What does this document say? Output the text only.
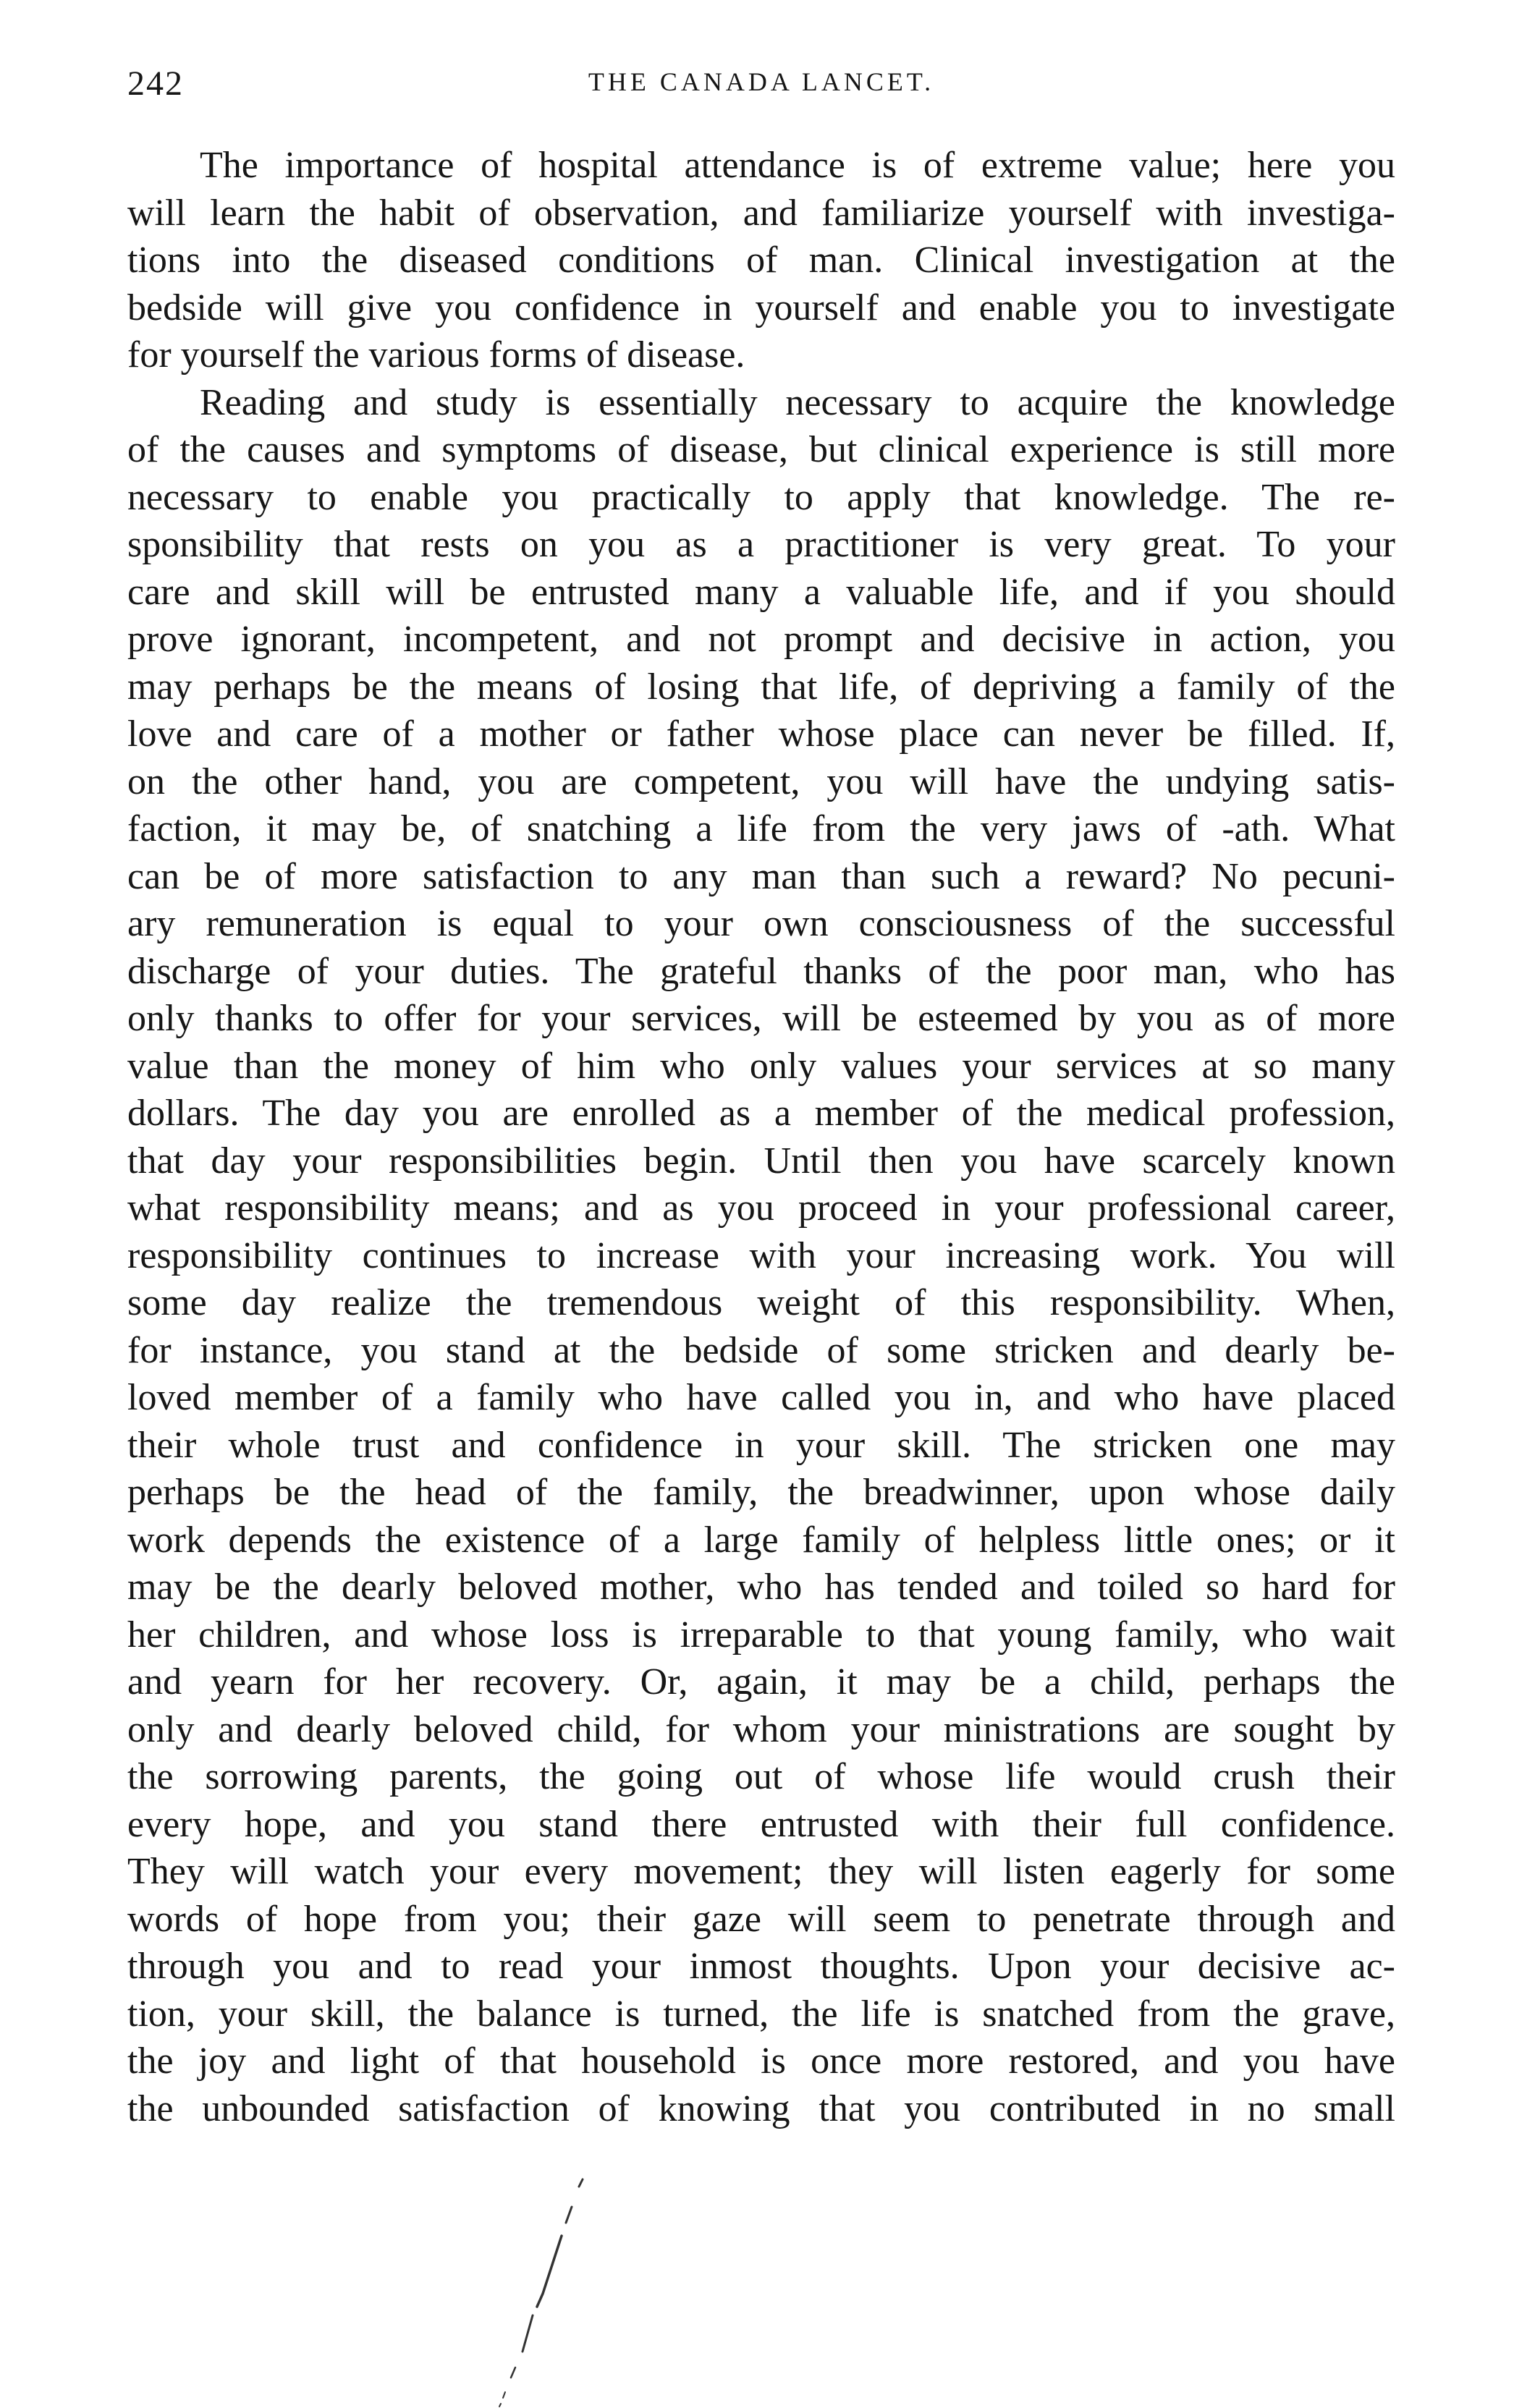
242	THE CANADA LANCET.
The importance of hospital attendance is of extreme value; here you
will learn the habit of observation, and familiarize yourself with investiga-
tions into the diseased conditions of man. Clinical investigation at the
bedside will give you confidence in yourself and enable you to investigate
for yourself the various forms of disease.
Reading and study is essentially necessary to acquire the knowledge
of the causes and symptoms of disease, but clinical experience is still more
necessary to enable you practically to apply that knowledge. The re-
sponsibility that rests on you as a practitioner is very great. To your
care and skill will be entrusted many a valuable life, and if you should
prove ignorant, incompetent, and not prompt and decisive in action, you
may perhaps be the means of losing that life, of depriving a family of the
love and care of a mother or father whose place can never be filled. If,
on the other hand, you are competent, you will have the undying satis-
faction, it may be, of snatching a life from the very jaws of -ath. What
can be of more satisfaction to any man than such a reward? No pecuni-
ary remuneration is equal to your own consciousness of the successful
discharge of your duties. The grateful thanks of the poor man, who has
only thanks to offer for your services, will be esteemed by you as of more
value than the money of him who only values your services at so many
dollars. The day you are enrolled as a member of the medical profession,
that day your responsibilities begin. Until then you have scarcely known
what responsibility means; and as you proceed in your professional career,
responsibility continues to increase with your increasing work. You will
some day realize the tremendous weight of this responsibility. When,
for instance, you stand at the bedside of some stricken and dearly be-
loved member of a family who have called you in, and who have placed
their whole trust and confidence in your skill. The stricken one may
perhaps be the head of the family, the breadwinner, upon whose daily
work depends the existence of a large family of helpless little ones; or it
may be the dearly beloved mother, who has tended and toiled so hard for
her children, and whose loss is irreparable to that young family, who wait
and yearn for her recovery. Or, again, it may be a child, perhaps the
only and dearly beloved child, for whom your ministrations are sought by
the sorrowing parents, the going out of whose life would crush their
every hope, and you stand there entrusted with their full confidence.
They will watch your every movement; they will listen eagerly for some
words of hope from you; their gaze will seem to penetrate through and
through you and to read your inmost thoughts. Upon your decisive ac-
tion, your skill, the balance is turned, the life is snatched from the grave,
the joy and light of that household is once more restored, and you have
the unbounded satisfaction of knowing that you contributed in no small
